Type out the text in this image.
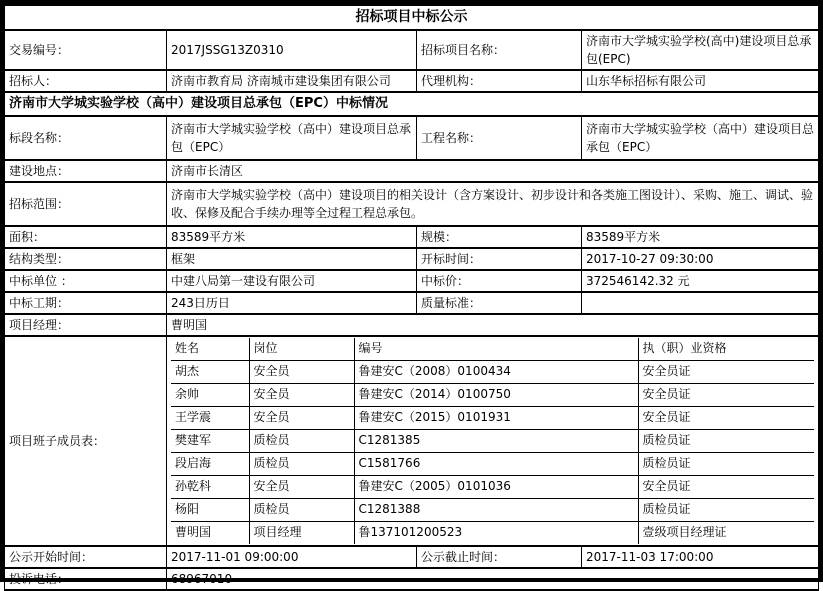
招标项目中标公示
交易编号：	2017JSSG13Z0310	招标项目名称：	济南市大学城实验学校(高中)建设项目总承包(EPC)
招标人：	济南市教育局 济南城市建设集团有限公司	代理机构：	山东华标招标有限公司
济南市大学城实验学校（高中）建设项目总承包（EPC）中标情况
标段名称：	济南市大学城实验学校（高中）建设项目总承包（EPC）	工程名称：	济南市大学城实验学校（高中）建设项目总承包（EPC）
建设地点：	济南市长清区
招标范围：	济南市大学城实验学校（高中）建设项目的相关设计（含方案设计、初步设计和各类施工图设计）、采购、施工、调试、验收、保修及配合手续办理等全过程工程总承包。
面积：	83589平方米	规模：	83589平方米
结构类型：	框架	开标时间：	2017-10-27 09:30:00
中标单位 ：	中建八局第一建设有限公司	中标价：	372546142.32 元
中标工期：	243日历日	质量标准：	
项目经理：	曹明国
项目班子成员表：	
姓名	岗位	编号	执（职）业资格
胡杰	安全员	鲁建安C（2008）0100434	安全员证
余帅	安全员	鲁建安C（2014）0100750	安全员证
王学震	安全员	鲁建安C（2015）0101931	安全员证
樊建军	质检员	C1281385	质检员证
段启海	质检员	C1581766	质检员证
孙乾科	安全员	鲁建安C（2005）0101036	安全员证
杨阳	质检员	C1281388	质检员证
曹明国	项目经理	鲁137101200523	壹级项目经理证

公示开始时间：	2017-11-01 09:00:00	公示截止时间：	2017-11-03 17:00:00
投诉电话：	68967010
